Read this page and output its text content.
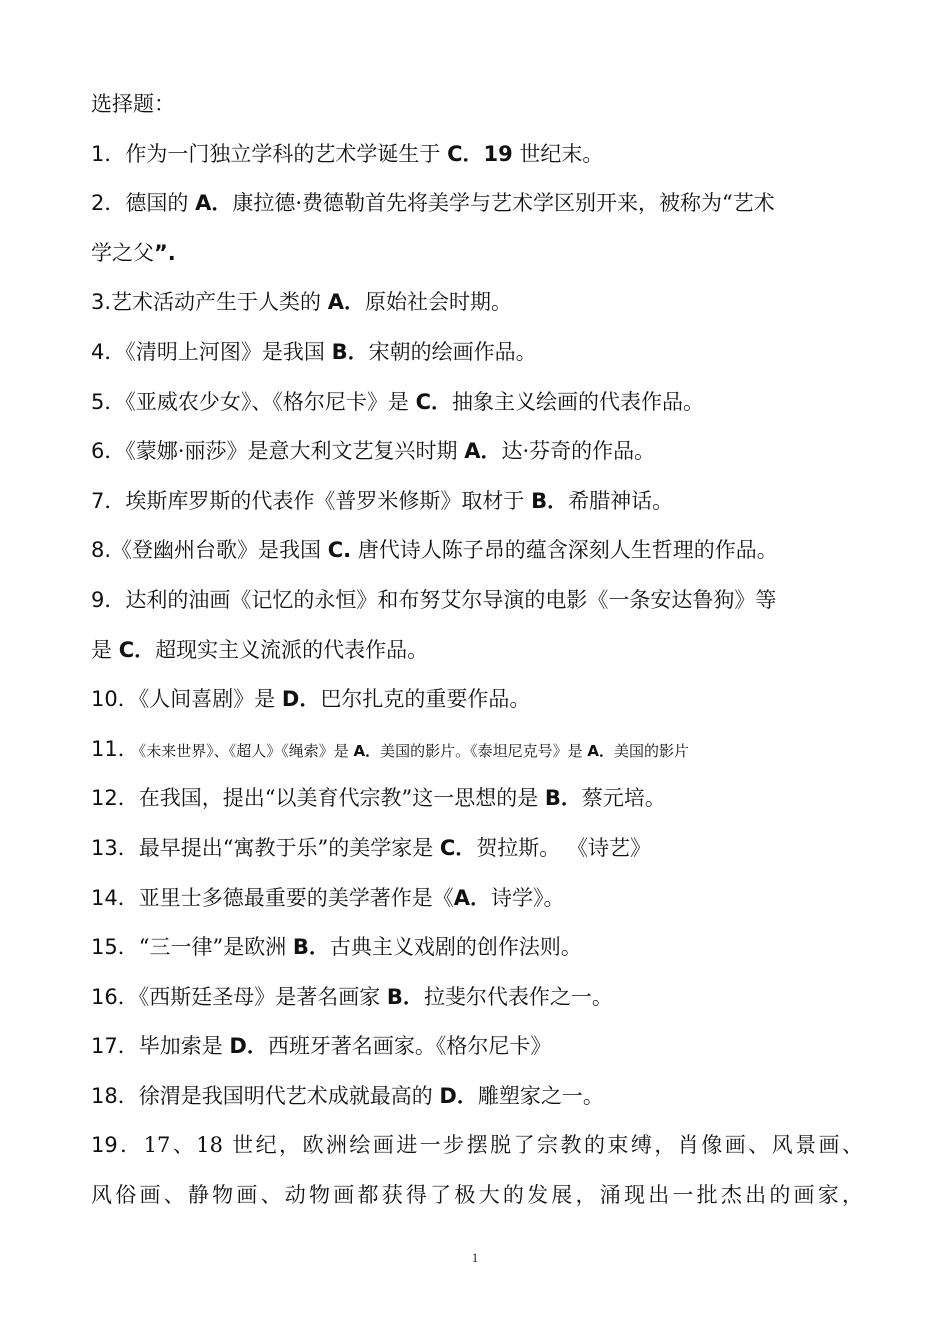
选择题：
1．作为一门独立学科的艺术学诞生于 C．19 世纪末。
2．德国的 A．康拉德·费德勒首先将美学与艺术学区别开来，被称为“艺术
学之父”.
3.艺术活动产生于人类的 A．原始社会时期。
4．《清明上河图》是我国 B．宋朝的绘画作品。
5．《亚威农少女》、《格尔尼卡》是 C．抽象主义绘画的代表作品。
6．《蒙娜·丽莎》是意大利文艺复兴时期 A．达·芬奇的作品。
7．埃斯库罗斯的代表作《普罗米修斯》取材于 B．希腊神话。
8.《登幽州台歌》是我国 C. 唐代诗人陈子昂的蕴含深刻人生哲理的作品。
9．达利的油画《记忆的永恒》和布努艾尔导演的电影《一条安达鲁狗》等
是 C．超现实主义流派的代表作品。
10．《人间喜剧》是 D．巴尔扎克的重要作品。
11．《未来世界》、《超人》《绳索》是 A．美国的影片。《泰坦尼克号》是 A．美国的影片
12．在我国，提出“以美育代宗教”这一思想的是 B．蔡元培。
13．最早提出“寓教于乐”的美学家是 C．贺拉斯。 《诗艺》
14．亚里士多德最重要的美学著作是《A．诗学》。
15．“三一律”是欧洲 B．古典主义戏剧的创作法则。
16．《西斯廷圣母》是著名画家 B．拉斐尔代表作之一。
17．毕加索是 D．西班牙著名画家。《格尔尼卡》
18．徐渭是我国明代艺术成就最高的 D．雕塑家之一。
19．17、18 世纪，欧洲绘画进一步摆脱了宗教的束缚，肖像画、风景画、
风俗画、静物画、动物画都获得了极大的发展，涌现出一批杰出的画家，
1
